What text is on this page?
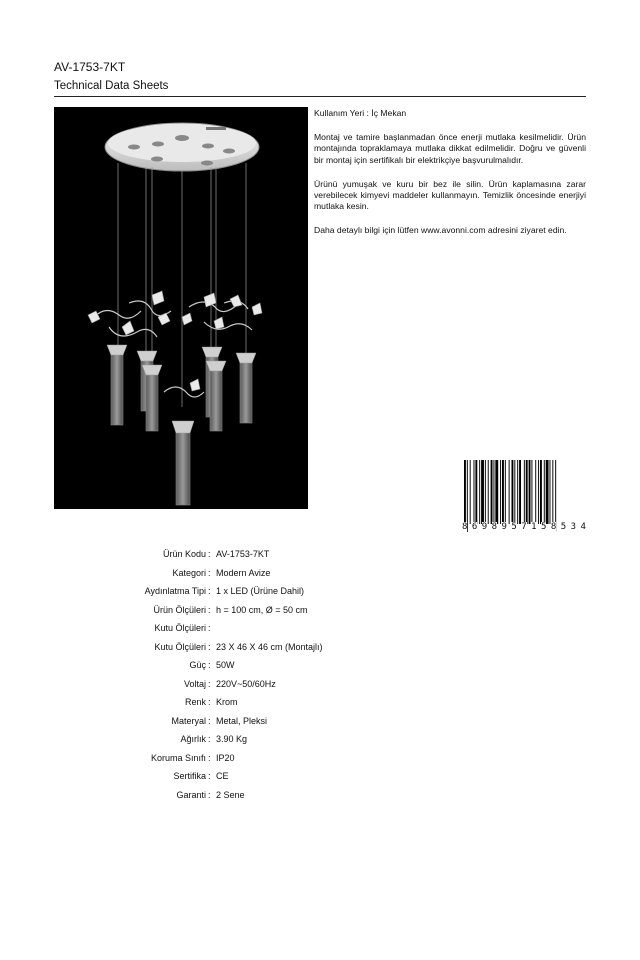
AV-1753-7KT
Technical Data Sheets

Kullanım Yeri : İç Mekan

Montaj ve tamire başlanmadan önce enerji mutlaka kesilmelidir. Ürün montajında topraklamaya mutlaka dikkat edilmelidir. Doğru ve güvenli bir montaj için sertifikalı bir elektrikçiye başvurulmalıdır.

Ürünü yumuşak ve kuru bir bez ile silin. Ürün kaplamasına zarar verebilecek kimyevi maddeler kullanmayın. Temizlik öncesinde enerjiyi mutlaka kesin.

Daha detaylı bilgi için lütfen www.avonni.com adresini ziyaret edin.

8 6 9 8 9 5 7 1 5 8 5 3 4
Ürün Kodu : AV-1753-7KT
Kategori : Modern Avize
Aydınlatma Tipi : 1 x LED (Ürüne Dahil)
Ürün Ölçüleri : h = 100 cm, Ø = 50 cm
Kutu Ölçüleri :
Kutu Ölçüleri : 23 X 46 X 46 cm (Montajlı)
Güç : 50W
Voltaj : 220V~50/60Hz
Renk : Krom
Materyal : Metal, Pleksi
Ağırlık : 3.90 Kg
Koruma Sınıfı : IP20
Sertifika : CE
Garanti : 2 Sene
